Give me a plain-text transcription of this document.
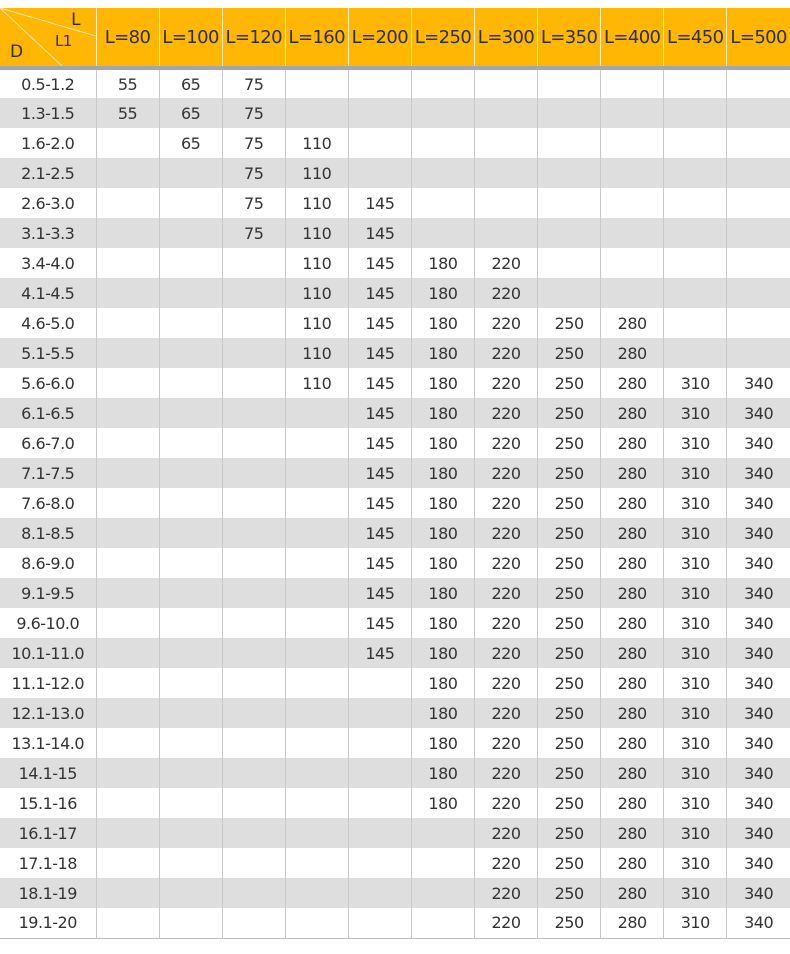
L
L1
D	L=80	L=100	L=120	L=160	L=200	L=250	L=300	L=350	L=400	L=450	L=500
0.5-1.2	55	65	75								
1.3-1.5	55	65	75								
1.6-2.0		65	75	110							
2.1-2.5			75	110							
2.6-3.0			75	110	145						
3.1-3.3			75	110	145						
3.4-4.0				110	145	180	220				
4.1-4.5				110	145	180	220				
4.6-5.0				110	145	180	220	250	280		
5.1-5.5				110	145	180	220	250	280		
5.6-6.0				110	145	180	220	250	280	310	340
6.1-6.5					145	180	220	250	280	310	340
6.6-7.0					145	180	220	250	280	310	340
7.1-7.5					145	180	220	250	280	310	340
7.6-8.0					145	180	220	250	280	310	340
8.1-8.5					145	180	220	250	280	310	340
8.6-9.0					145	180	220	250	280	310	340
9.1-9.5					145	180	220	250	280	310	340
9.6-10.0					145	180	220	250	280	310	340
10.1-11.0					145	180	220	250	280	310	340
11.1-12.0						180	220	250	280	310	340
12.1-13.0						180	220	250	280	310	340
13.1-14.0						180	220	250	280	310	340
14.1-15						180	220	250	280	310	340
15.1-16						180	220	250	280	310	340
16.1-17							220	250	280	310	340
17.1-18							220	250	280	310	340
18.1-19							220	250	280	310	340
19.1-20							220	250	280	310	340
